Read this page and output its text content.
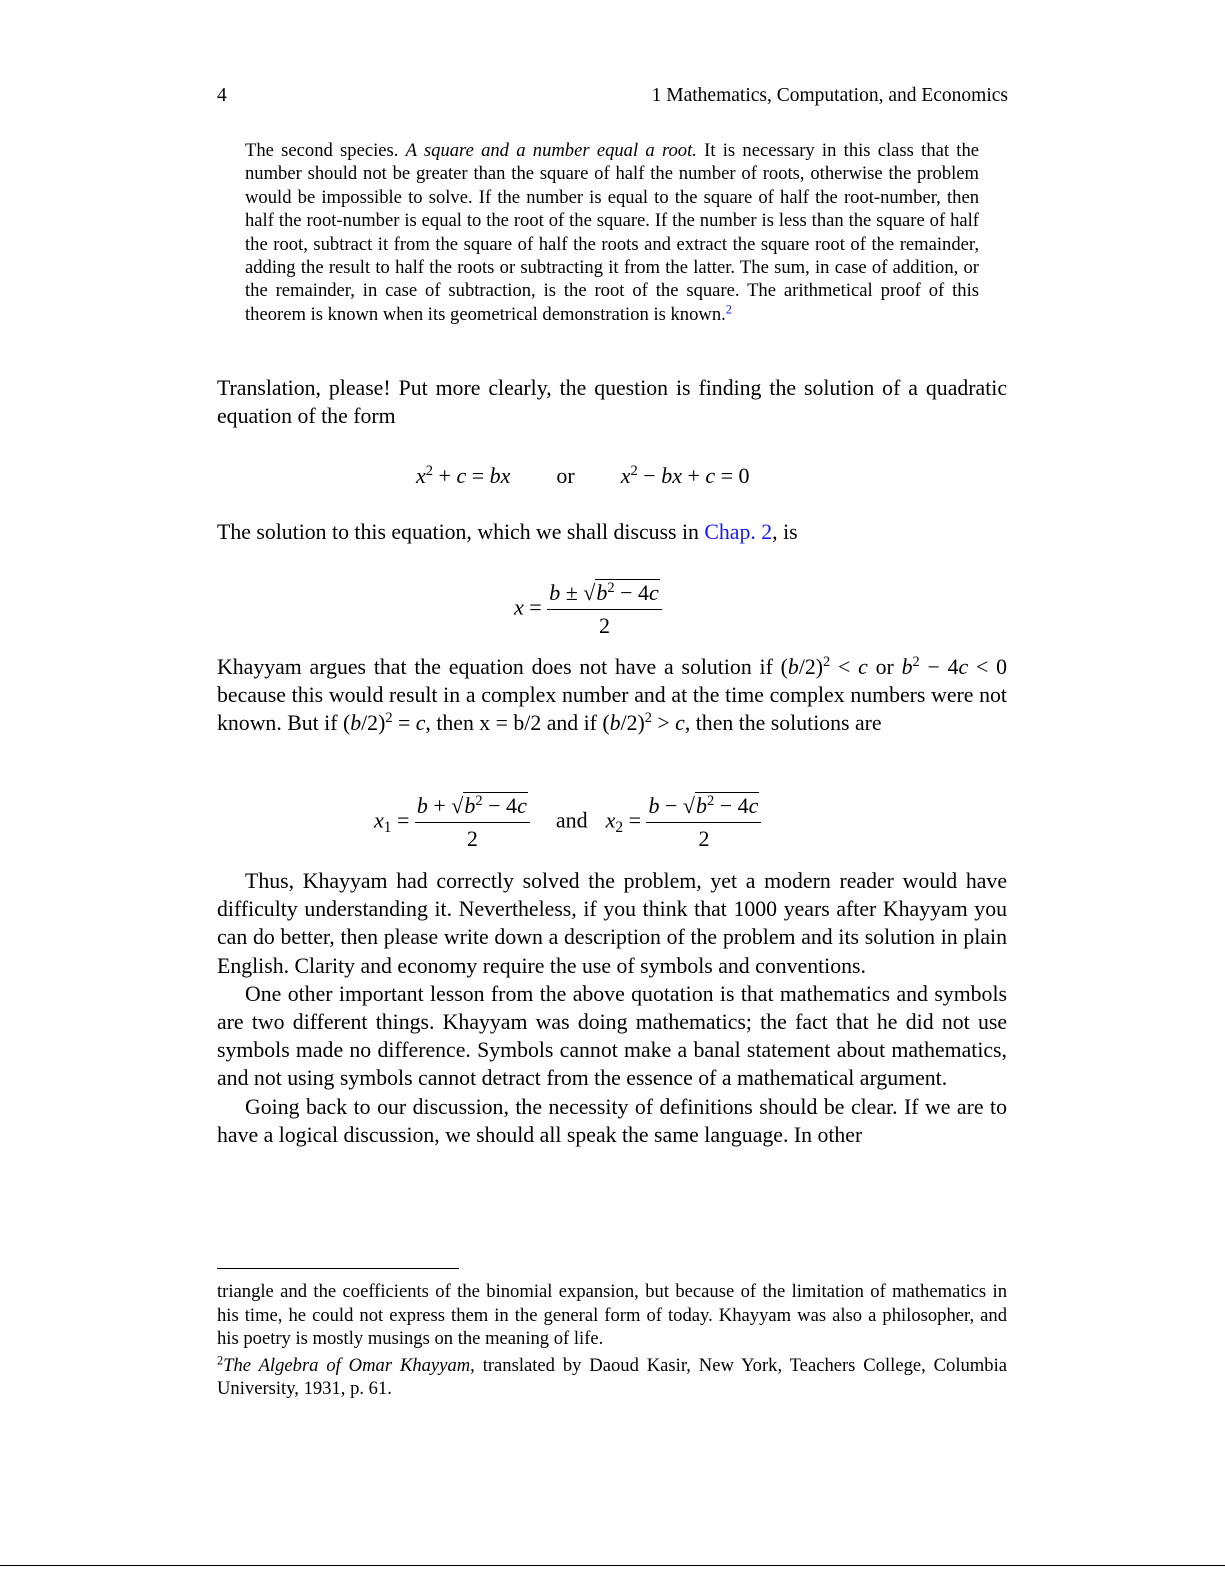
4	1 Mathematics, Computation, and Economics
The second species. A square and a number equal a root. It is necessary in this class that the number should not be greater than the square of half the number of roots, otherwise the problem would be impossible to solve. If the number is equal to the square of half the root-number, then half the root-number is equal to the root of the square. If the number is less than the square of half the root, subtract it from the square of half the roots and extract the square root of the remainder, adding the result to half the roots or subtracting it from the latter. The sum, in case of addition, or the remainder, in case of subtraction, is the root of the square. The arithmetical proof of this theorem is known when its geometrical demonstration is known.$^2$

Translation, please! Put more clearly, the question is finding the solution of a quadratic equation of the form

$x^2 + c$ = bx or $x^2$ − bx + c = 0

The solution to this equation, which we shall discuss in Chap. 2, is

$x = \frac{b \pm √b^2 - 4c}{2}$

Khayyam argues that the equation does not have a solution if $(b/2)^2 < c$ or $b^2 - 4c < 0$ because this would result in a complex number and at the time complex numbers were not known. But if $(b/2)^2 = c$, then x = b/2 and if $(b/2)^2 > c$, then the solutions are

$x_1 = \frac{b + √b^2 - 4c}{2}$ and $x_2 = \frac{b - √b^2 - 4c}{2}$

Thus, Khayyam had correctly solved the problem, yet a modern reader would have difficulty understanding it. Nevertheless, if you think that 1000 years after Khayyam you can do better, then please write down a description of the problem and its solution in plain English. Clarity and economy require the use of symbols and conventions.

One other important lesson from the above quotation is that mathematics and symbols are two different things. Khayyam was doing mathematics; the fact that he did not use symbols made no difference. Symbols cannot make a banal statement about mathematics, and not using symbols cannot detract from the essence of a mathematical argument.

Going back to our discussion, the necessity of definitions should be clear. If we are to have a logical discussion, we should all speak the same language. In other

triangle and the coefficients of the binomial expansion, but because of the limitation of mathematics in his time, he could not express them in the general form of today. Khayyam was also a philosopher, and his poetry is mostly musings on the meaning of life.

$^2$The Algebra of Omar Khayyam, translated by Daoud Kasir, New York, Teachers College, Columbia University, 1931, p. 61.
